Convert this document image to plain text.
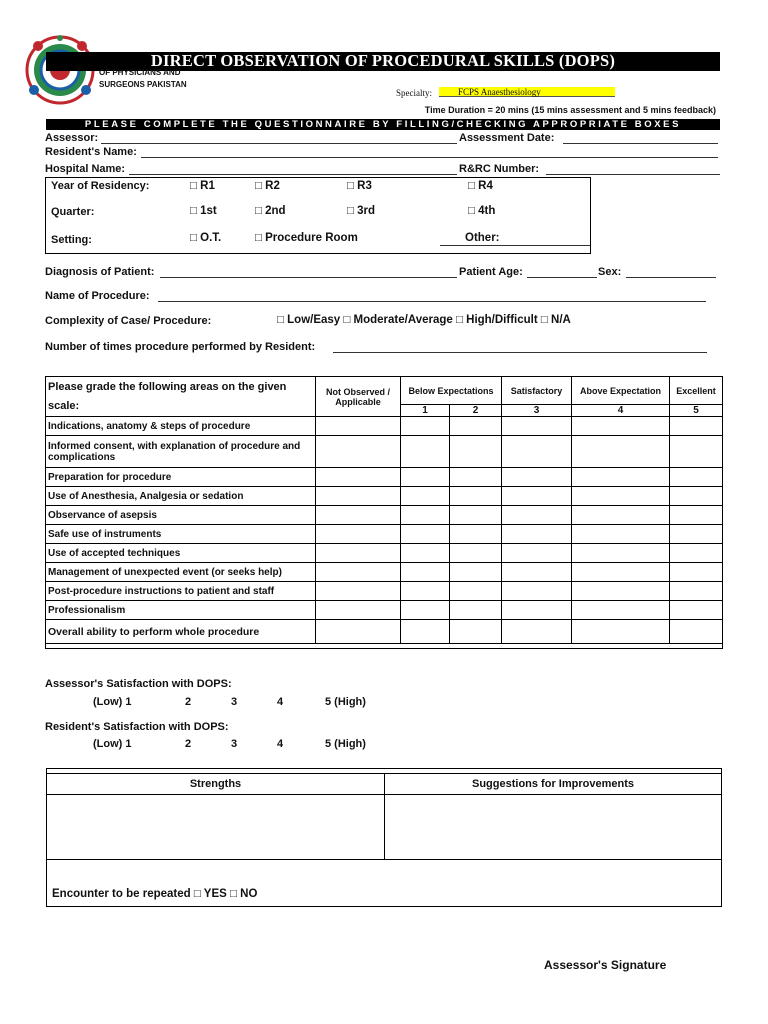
DIRECT OBSERVATION OF PROCEDURAL SKILLS (DOPS)
OF PHYSICIANS AND
SURGEONS PAKISTAN
Specialty:	FCPS Anaesthesiology
Time Duration = 20 mins (15 mins assessment and 5 mins feedback)
PLEASE COMPLETE THE QUESTIONNAIRE BY FILLING/CHECKING APPROPRIATE BOXES
Assessor:	Assessment Date:
Resident's Name:
Hospital Name:	R&RC Number:
Year of Residency:	□ R1	□ R2	□ R3	□ R4
Quarter:	□ 1st	□ 2nd	□ 3rd	□ 4th
Setting:	□ O.T.	□ Procedure Room	Other:
Diagnosis of Patient:	Patient Age:	Sex:
Name of Procedure:
Complexity of Case/ Procedure:	□ Low/Easy □ Moderate/Average □ High/Difficult □ N/A
Number of times procedure performed by Resident:
Please grade the following areas on the given
scale:	Not Observed / Applicable	Below Expectations		Satisfactory	Above Expectation	Excellent
		1	2	3	4	5
Indications, anatomy & steps of procedure						
Informed consent, with explanation of procedure and complications						
Preparation for procedure						
Use of Anesthesia, Analgesia or sedation						
Observance of asepsis						
Safe use of instruments						
Use of accepted techniques						
Management of unexpected event (or seeks help)						
Post-procedure instructions to patient and staff						
Professionalism						
Overall ability to perform whole procedure						

Assessor's Satisfaction with DOPS:
(Low) 1	2	3	4	5 (High)
Resident's Satisfaction with DOPS:
(Low) 1	2	3	4	5 (High)

Strengths	Suggestions for Improvements

Encounter to be repeated □ YES □ NO	
Assessor's Signature
